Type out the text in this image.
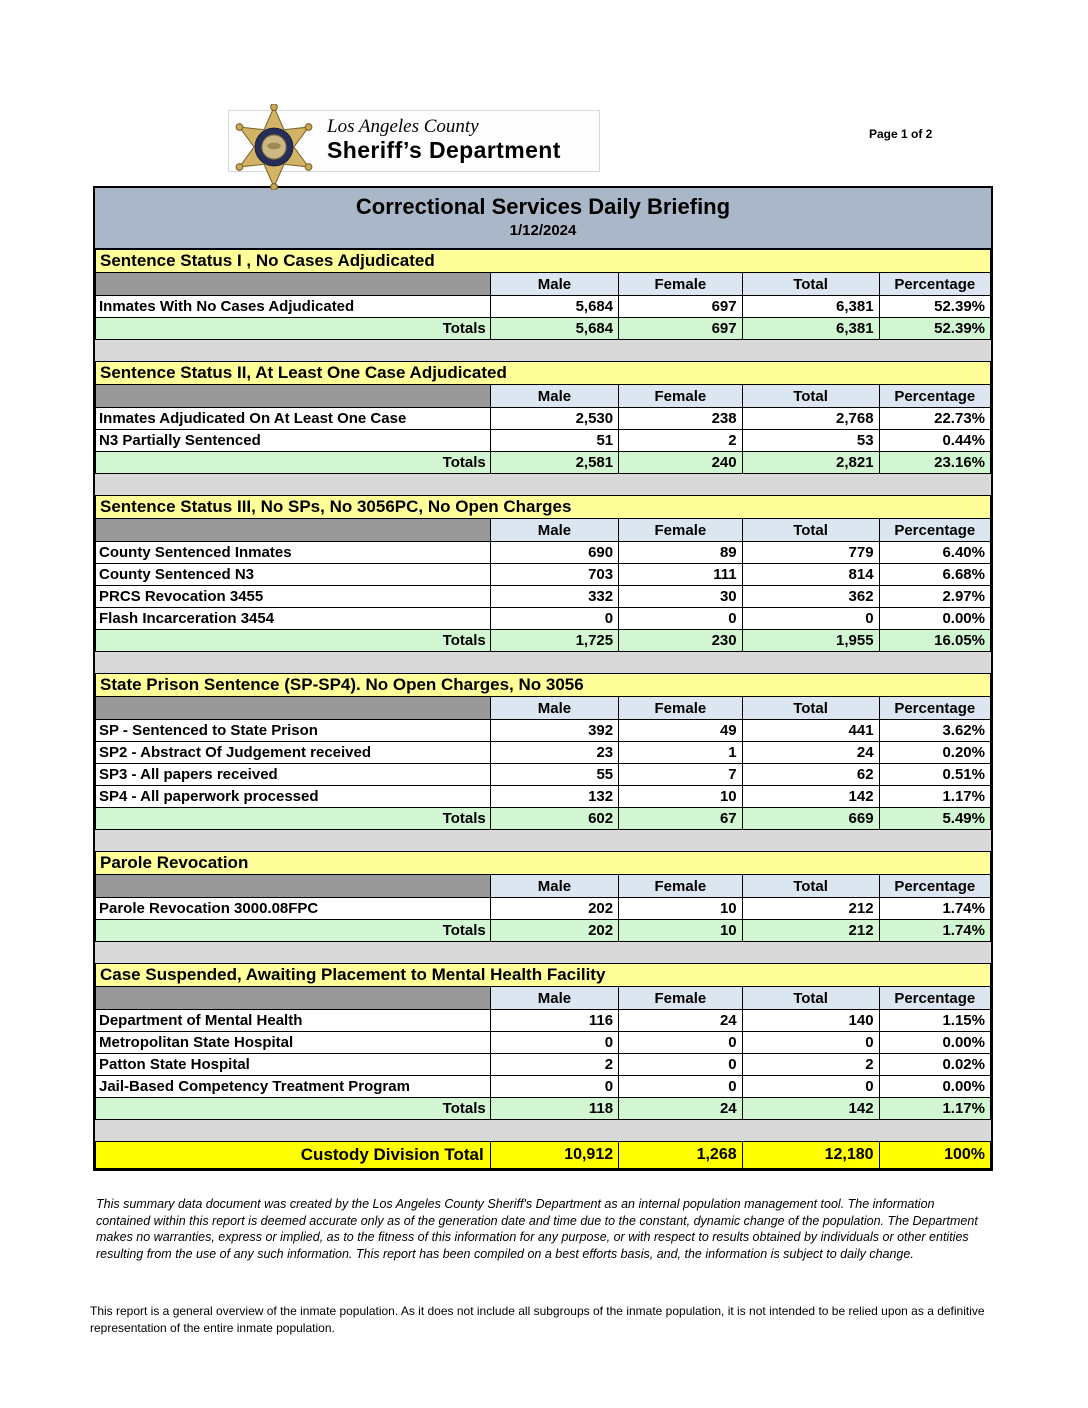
Los Angeles County
Sheriff’s Department
Page 1 of 2
Correctional Services Daily Briefing
1/12/2024
Sentence Status I , No Cases Adjudicated				
	Male	Female	Total	Percentage
Inmates With No Cases Adjudicated	5,684	697	6,381	52.39%
Totals	5,684	697	6,381	52.39%
Sentence Status II, At Least One Case Adjudicated				
	Male	Female	Total	Percentage
Inmates Adjudicated On At Least One Case	2,530	238	2,768	22.73%
N3 Partially Sentenced	51	2	53	0.44%
Totals	2,581	240	2,821	23.16%
Sentence Status III, No SPs, No 3056PC, No Open Charges				
	Male	Female	Total	Percentage
County Sentenced Inmates	690	89	779	6.40%
County Sentenced N3	703	111	814	6.68%
PRCS Revocation 3455	332	30	362	2.97%
Flash Incarceration 3454	0	0	0	0.00%
Totals	1,725	230	1,955	16.05%
State Prison Sentence (SP-SP4). No Open Charges, No 3056				
	Male	Female	Total	Percentage
SP - Sentenced to State Prison	392	49	441	3.62%
SP2 - Abstract Of Judgement received	23	1	24	0.20%
SP3 - All papers received	55	7	62	0.51%
SP4 - All paperwork processed	132	10	142	1.17%
Totals	602	67	669	5.49%
Parole Revocation				
	Male	Female	Total	Percentage
Parole Revocation 3000.08FPC	202	10	212	1.74%
Totals	202	10	212	1.74%
Case Suspended, Awaiting Placement to Mental Health Facility				
	Male	Female	Total	Percentage
Department of Mental Health	116	24	140	1.15%
Metropolitan State Hospital	0	0	0	0.00%
Patton State Hospital	2	0	2	0.02%
Jail-Based Competency Treatment Program	0	0	0	0.00%
Totals	118	24	142	1.17%
Custody Division Total	10,912	1,268	12,180	100%
This summary data document was created by the Los Angeles County Sheriff's Department as an internal population management tool. The information contained within this report is deemed accurate only as of the generation date and time due to the constant, dynamic change of the population. The Department makes no warranties, express or implied, as to the fitness of this information for any purpose, or with respect to results obtained by individuals or other entities resulting from the use of any such information. This report has been compiled on a best efforts basis, and, the information is subject to daily change.
This report is a general overview of the inmate population. As it does not include all subgroups of the inmate population, it is not intended to be relied upon as a definitive representation of the entire inmate population.
